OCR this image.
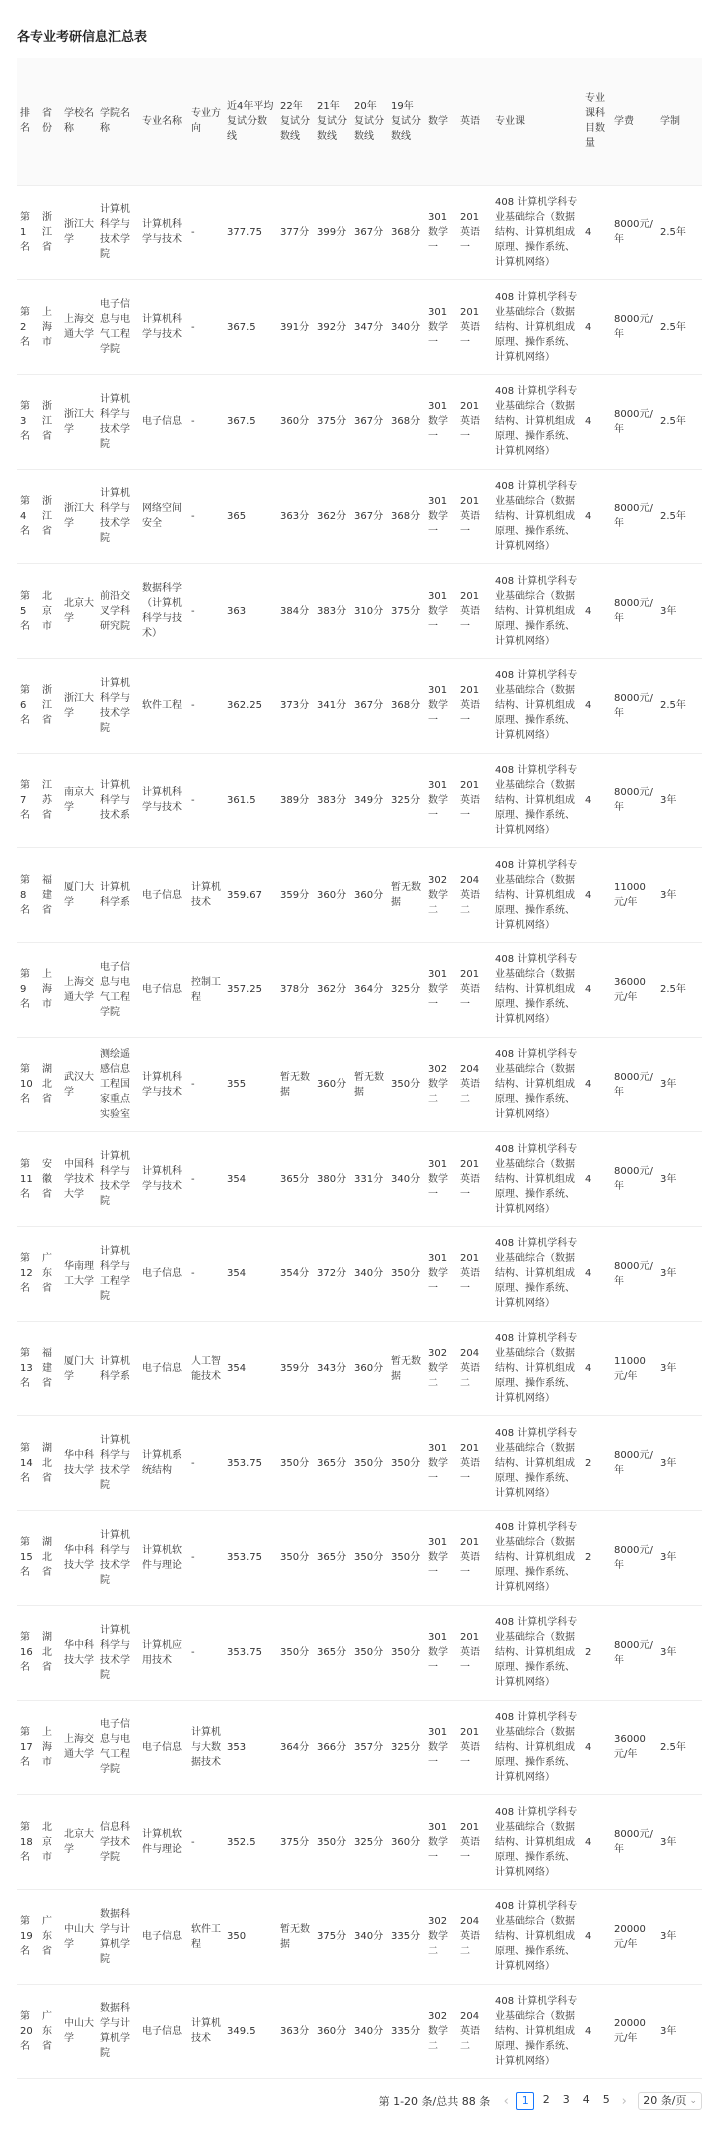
各专业考研信息汇总表
排名	省份	学校名称	学院名称	专业名称	专业方向	近4年平均复试分数线	22年复试分数线	21年复试分数线	20年复试分数线	19年复试分数线	数学	英语	专业课	专业课科目数量	学费	学制
第1名	浙江省	浙江大学	计算机科学与技术学院	计算机科学与技术	-	377.75	377分	399分	367分	368分	301数学一	201英语一	408 计算机学科专业基础综合（数据结构、计算机组成原理、操作系统、计算机网络）	4	8000元/年	2.5年
第2名	上海市	上海交通大学	电子信息与电气工程学院	计算机科学与技术	-	367.5	391分	392分	347分	340分	301数学一	201英语一	408 计算机学科专业基础综合（数据结构、计算机组成原理、操作系统、计算机网络）	4	8000元/年	2.5年
第3名	浙江省	浙江大学	计算机科学与技术学院	电子信息	-	367.5	360分	375分	367分	368分	301数学一	201英语一	408 计算机学科专业基础综合（数据结构、计算机组成原理、操作系统、计算机网络）	4	8000元/年	2.5年
第4名	浙江省	浙江大学	计算机科学与技术学院	网络空间安全	-	365	363分	362分	367分	368分	301数学一	201英语一	408 计算机学科专业基础综合（数据结构、计算机组成原理、操作系统、计算机网络）	4	8000元/年	2.5年
第5名	北京市	北京大学	前沿交叉学科研究院	数据科学（计算机科学与技术）	-	363	384分	383分	310分	375分	301数学一	201英语一	408 计算机学科专业基础综合（数据结构、计算机组成原理、操作系统、计算机网络）	4	8000元/年	3年
第6名	浙江省	浙江大学	计算机科学与技术学院	软件工程	-	362.25	373分	341分	367分	368分	301数学一	201英语一	408 计算机学科专业基础综合（数据结构、计算机组成原理、操作系统、计算机网络）	4	8000元/年	2.5年
第7名	江苏省	南京大学	计算机科学与技术系	计算机科学与技术	-	361.5	389分	383分	349分	325分	301数学一	201英语一	408 计算机学科专业基础综合（数据结构、计算机组成原理、操作系统、计算机网络）	4	8000元/年	3年
第8名	福建省	厦门大学	计算机科学系	电子信息	计算机技术	359.67	359分	360分	360分	暂无数据	302数学二	204英语二	408 计算机学科专业基础综合（数据结构、计算机组成原理、操作系统、计算机网络）	4	11000元/年	3年
第9名	上海市	上海交通大学	电子信息与电气工程学院	电子信息	控制工程	357.25	378分	362分	364分	325分	301数学一	201英语一	408 计算机学科专业基础综合（数据结构、计算机组成原理、操作系统、计算机网络）	4	36000元/年	2.5年
第10名	湖北省	武汉大学	测绘遥感信息工程国家重点实验室	计算机科学与技术	-	355	暂无数据	360分	暂无数据	350分	302数学二	204英语二	408 计算机学科专业基础综合（数据结构、计算机组成原理、操作系统、计算机网络）	4	8000元/年	3年
第11名	安徽省	中国科学技术大学	计算机科学与技术学院	计算机科学与技术	-	354	365分	380分	331分	340分	301数学一	201英语一	408 计算机学科专业基础综合（数据结构、计算机组成原理、操作系统、计算机网络）	4	8000元/年	3年
第12名	广东省	华南理工大学	计算机科学与工程学院	电子信息	-	354	354分	372分	340分	350分	301数学一	201英语一	408 计算机学科专业基础综合（数据结构、计算机组成原理、操作系统、计算机网络）	4	8000元/年	3年
第13名	福建省	厦门大学	计算机科学系	电子信息	人工智能技术	354	359分	343分	360分	暂无数据	302数学二	204英语二	408 计算机学科专业基础综合（数据结构、计算机组成原理、操作系统、计算机网络）	4	11000元/年	3年
第14名	湖北省	华中科技大学	计算机科学与技术学院	计算机系统结构	-	353.75	350分	365分	350分	350分	301数学一	201英语一	408 计算机学科专业基础综合（数据结构、计算机组成原理、操作系统、计算机网络）	2	8000元/年	3年
第15名	湖北省	华中科技大学	计算机科学与技术学院	计算机软件与理论	-	353.75	350分	365分	350分	350分	301数学一	201英语一	408 计算机学科专业基础综合（数据结构、计算机组成原理、操作系统、计算机网络）	2	8000元/年	3年
第16名	湖北省	华中科技大学	计算机科学与技术学院	计算机应用技术	-	353.75	350分	365分	350分	350分	301数学一	201英语一	408 计算机学科专业基础综合（数据结构、计算机组成原理、操作系统、计算机网络）	2	8000元/年	3年
第17名	上海市	上海交通大学	电子信息与电气工程学院	电子信息	计算机与大数据技术	353	364分	366分	357分	325分	301数学一	201英语一	408 计算机学科专业基础综合（数据结构、计算机组成原理、操作系统、计算机网络）	4	36000元/年	2.5年
第18名	北京市	北京大学	信息科学技术学院	计算机软件与理论	-	352.5	375分	350分	325分	360分	301数学一	201英语一	408 计算机学科专业基础综合（数据结构、计算机组成原理、操作系统、计算机网络）	4	8000元/年	3年
第19名	广东省	中山大学	数据科学与计算机学院	电子信息	软件工程	350	暂无数据	375分	340分	335分	302数学二	204英语二	408 计算机学科专业基础综合（数据结构、计算机组成原理、操作系统、计算机网络）	4	20000元/年	3年
第20名	广东省	中山大学	数据科学与计算机学院	电子信息	计算机技术	349.5	363分	360分	340分	335分	302数学二	204英语二	408 计算机学科专业基础综合（数据结构、计算机组成原理、操作系统、计算机网络）	4	20000元/年	3年
第 1-20 条/总共 88 条	‹	1	2	3	4	5 ›	20 条/页 ⌄
